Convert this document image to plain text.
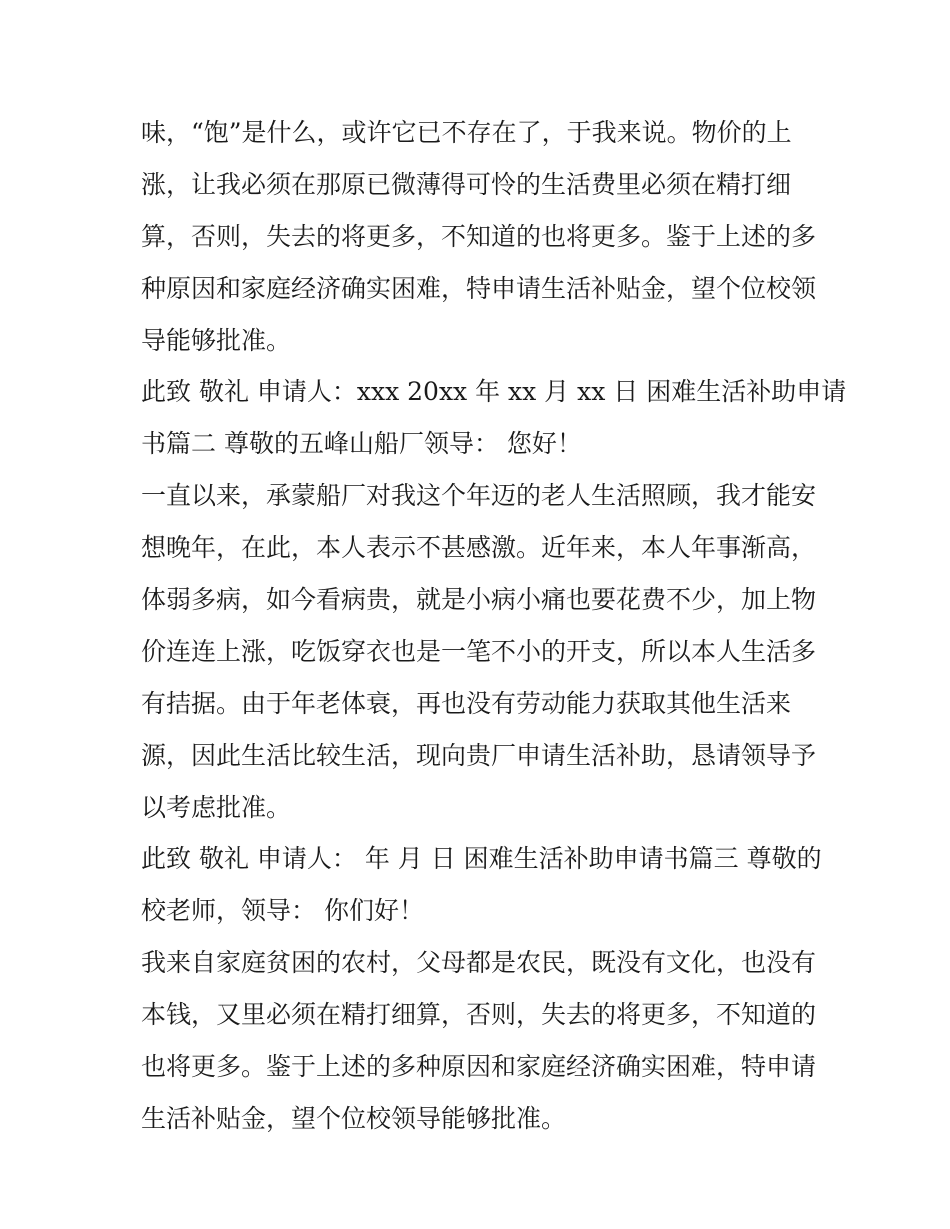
味，“饱”是什么，或许它已不存在了，于我来说。物价的上
涨，让我必须在那原已微薄得可怜的生活费里必须在精打细
算，否则，失去的将更多，不知道的也将更多。鉴于上述的多
种原因和家庭经济确实困难，特申请生活补贴金，望个位校领
导能够批准。
此致 敬礼 申请人：xxx 20xx 年 xx 月 xx 日 困难生活补助申请
书篇二 尊敬的五峰山船厂领导： 您好！
一直以来，承蒙船厂对我这个年迈的老人生活照顾，我才能安
想晚年，在此，本人表示不甚感激。近年来，本人年事渐高，
体弱多病，如今看病贵，就是小病小痛也要花费不少，加上物
价连连上涨，吃饭穿衣也是一笔不小的开支，所以本人生活多
有拮据。由于年老体衰，再也没有劳动能力获取其他生活来
源，因此生活比较生活，现向贵厂申请生活补助，恳请领导予
以考虑批准。
此致 敬礼 申请人： 年 月 日 困难生活补助申请书篇三 尊敬的
校老师，领导： 你们好！
我来自家庭贫困的农村，父母都是农民，既没有文化，也没有
本钱，又里必须在精打细算，否则，失去的将更多，不知道的
也将更多。鉴于上述的多种原因和家庭经济确实困难，特申请
生活补贴金，望个位校领导能够批准。
